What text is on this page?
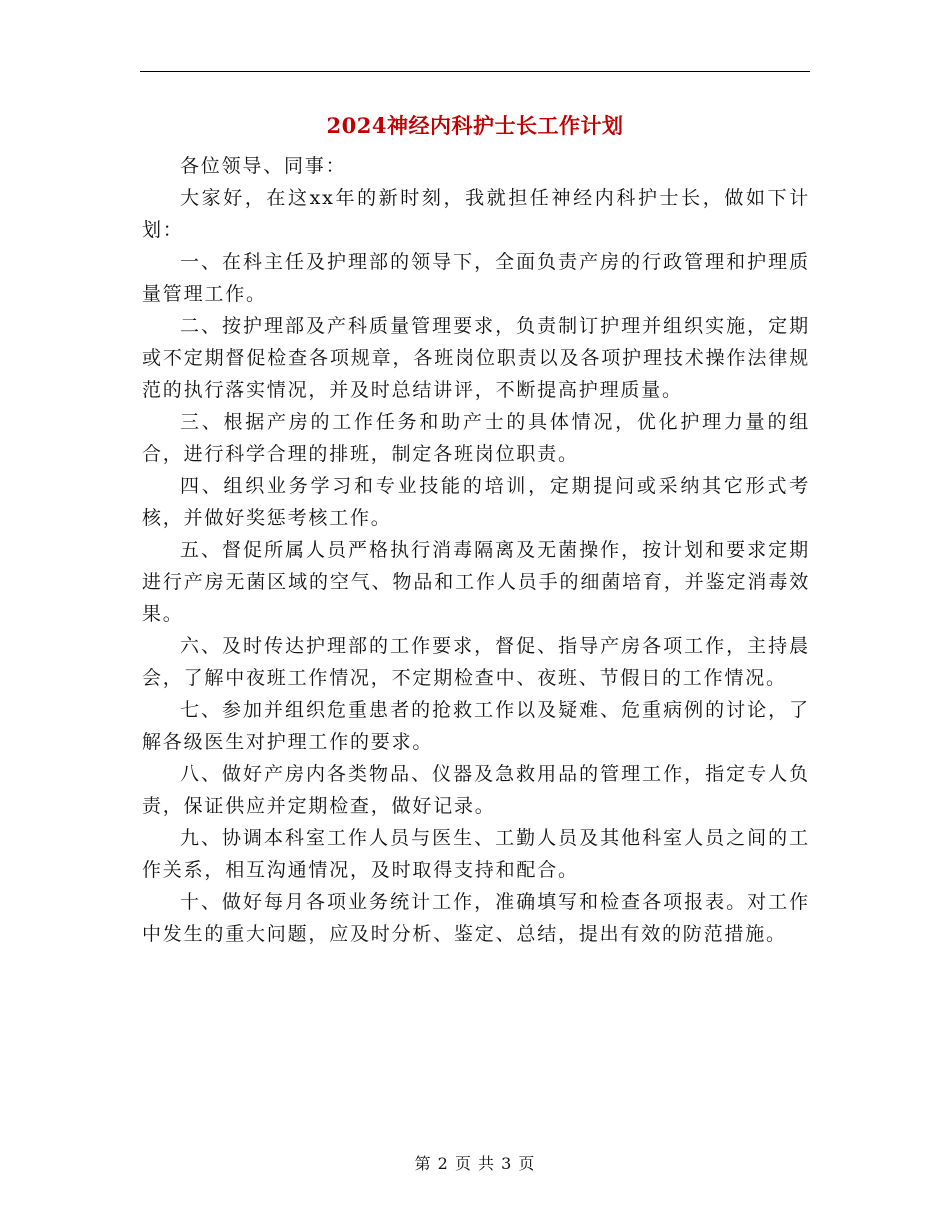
2024神经内科护士长工作计划

各位领导、同事：

大家好，在这xx年的新时刻，我就担任神经内科护士长，做如下计划：

一、在科主任及护理部的领导下，全面负责产房的行政管理和护理质量管理工作。

二、按护理部及产科质量管理要求，负责制订护理并组织实施，定期或不定期督促检查各项规章，各班岗位职责以及各项护理技术操作法律规范的执行落实情况，并及时总结讲评，不断提高护理质量。

三、根据产房的工作任务和助产士的具体情况，优化护理力量的组合，进行科学合理的排班，制定各班岗位职责。

四、组织业务学习和专业技能的培训，定期提问或采纳其它形式考核，并做好奖惩考核工作。

五、督促所属人员严格执行消毒隔离及无菌操作，按计划和要求定期进行产房无菌区域的空气、物品和工作人员手的细菌培育，并鉴定消毒效果。

六、及时传达护理部的工作要求，督促、指导产房各项工作，主持晨会，了解中夜班工作情况，不定期检查中、夜班、节假日的工作情况。

七、参加并组织危重患者的抢救工作以及疑难、危重病例的讨论，了解各级医生对护理工作的要求。

八、做好产房内各类物品、仪器及急救用品的管理工作，指定专人负责，保证供应并定期检查，做好记录。

九、协调本科室工作人员与医生、工勤人员及其他科室人员之间的工作关系，相互沟通情况，及时取得支持和配合。

十、做好每月各项业务统计工作，准确填写和检查各项报表。对工作中发生的重大问题，应及时分析、鉴定、总结，提出有效的防范措施。

第 2 页 共 3 页
